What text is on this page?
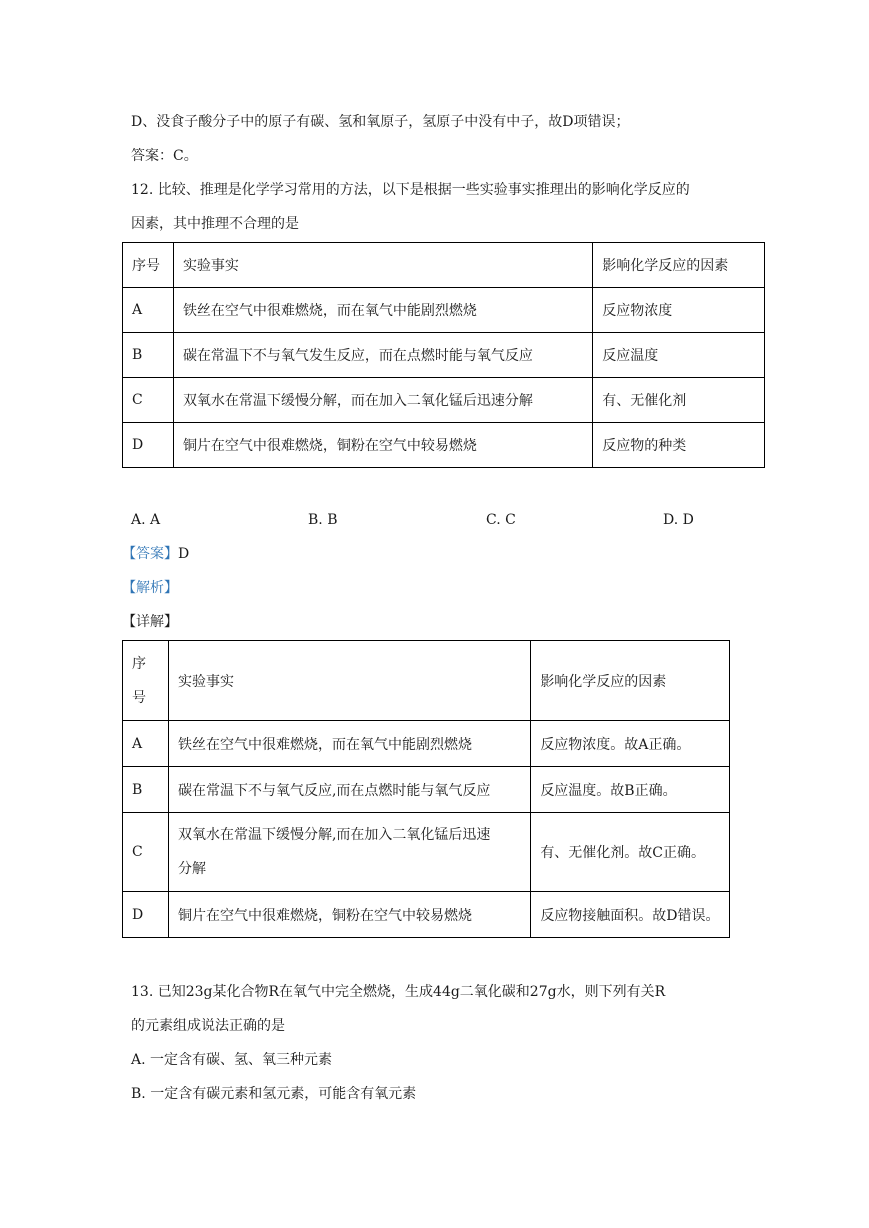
D、没食子酸分子中的原子有碳、氢和氧原子，氢原子中没有中子，故D项错误；
答案：C。
12. 比较、推理是化学学习常用的方法，以下是根据一些实验事实推理出的影响化学反应的
因素，其中推理不合理的是
序号	实验事实	影响化学反应的因素
A	铁丝在空气中很难燃烧，而在氧气中能剧烈燃烧	反应物浓度
B	碳在常温下不与氧气发生反应，而在点燃时能与氧气反应	反应温度
C	双氧水在常温下缓慢分解，而在加入二氧化锰后迅速分解	有、无催化剂
D	铜片在空气中很难燃烧，铜粉在空气中较易燃烧	反应物的种类
A. A	B. B	C. C	D. D
【答案】D
【解析】
【详解】
序
号	实验事实	影响化学反应的因素
A	铁丝在空气中很难燃烧，而在氧气中能剧烈燃烧	反应物浓度。故A正确。
B	碳在常温下不与氧气反应,而在点燃时能与氧气反应	反应温度。故B正确。
C	双氧水在常温下缓慢分解,而在加入二氧化锰后迅速
分解	有、无催化剂。故C正确。
D	铜片在空气中很难燃烧，铜粉在空气中较易燃烧	反应物接触面积。故D错误。
13. 已知23g某化合物R在氧气中完全燃烧，生成44g二氧化碳和27g水，则下列有关R
的元素组成说法正确的是
A. 一定含有碳、氢、氧三种元素
B. 一定含有碳元素和氢元素，可能含有氧元素
